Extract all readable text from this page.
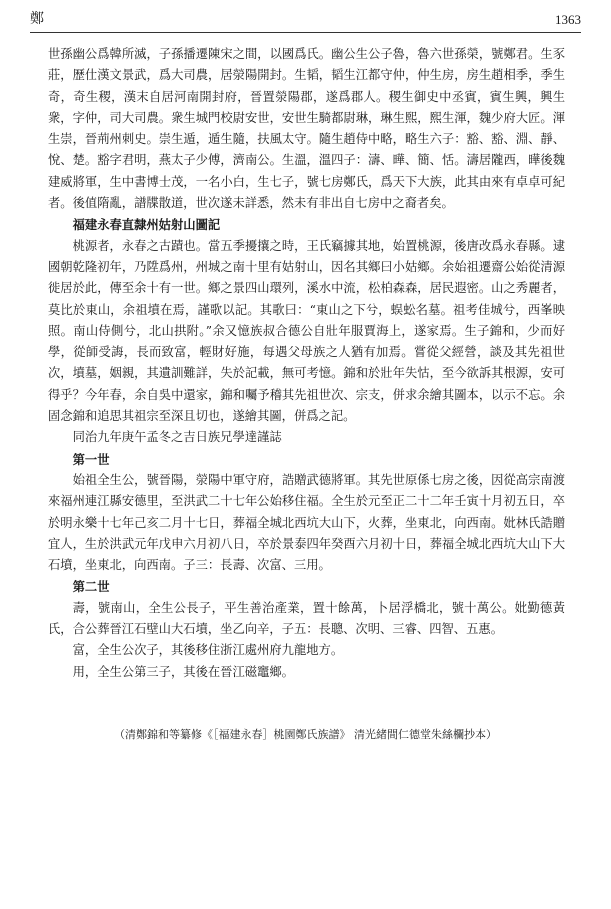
鄭	1363

世孫幽公爲韓所滅，子孫播遷陳宋之間，以國爲氏。幽公生公子魯，魯六世孫榮，號鄭君。生豕莊，歷仕漢文景武，爲大司農，居滎陽開封。生韬，韬生江都守仲，仲生房，房生趙相季，季生奇，奇生稷，漢末自居河南開封府，晉置滎陽郡，遂爲郡人。稷生御史中丞賓，賓生興，興生衆，字仲，司大司農。衆生城門校尉安世，安世生騎都尉琳，琳生熙，熙生渾，魏少府大匠。渾生崇，晉荊州刺史。崇生遁，遁生隨，扶風太守。隨生趙侍中略，略生六子：豁、豁、淵、靜、悅、楚。豁字君明，燕太子少傅，濟南公。生溫，溫四子：濤、曄、簡、恬。濤居隴西，曄後魏建威將軍，生中書博士茂，一名小白，生七子，號七房鄭氏，爲天下大族，此其由來有卓卓可紀者。後值隋亂，譜牒散道，世次遂未詳悉，然未有非出自七房中之裔者矣。

福建永春直隸州姑射山圖記

桃源者，永春之古蹟也。當五季擾攘之時，王氏竊據其地，始置桃源，後唐改爲永春縣。逮國朝乾隆初年，乃陞爲州，州城之南十里有姑射山，因名其鄉曰小姑鄉。余始祖遷齋公始從清源徙居於此，傳至余十有一世。鄉之景四山環列，溪水中流，松柏森森，居民遐密。山之秀麗者，莫比於東山，余祖墳在焉，謹歌以記。其歌曰：“東山之下兮，蜈蚣名墓。祖考佳城兮，西峯映照。南山侍側兮，北山拱附。”余又憶族叔合德公自壯年服賈海上，遂家焉。生子錦和，少而好學，從師受誨，長而致富，輕財好施，每遇父母族之人猶有加焉。嘗從父經營，談及其先祖世次，墳墓，姻親，其遺訓難詳，失於記載，無可考憶。錦和於壯年失怙，至今欲訴其根源，安可得乎？今年春，余自吳中還家，錦和囑予稽其先祖世次、宗支，併求余繪其圖本，以示不忘。余固念錦和追思其祖宗至深且切也，遂繪其圖，併爲之記。

同治九年庚午孟冬之吉日族兄學達謹誌

第一世

始祖全生公，號晉陽，滎陽中軍守府，誥贈武德將軍。其先世原係七房之後，因從高宗南渡來福州連江縣安德里，至洪武二十七年公始移住福。全生於元至正二十二年壬寅十月初五日，卒於明永樂十七年己亥二月十七日，葬福全城北西坑大山下，火葬，坐東北，向西南。妣林氏誥贈宜人，生於洪武元年戊申六月初八日，卒於景泰四年癸酉六月初十日，葬福全城北西坑大山下大石墳，坐東北，向西南。子三：長壽、次富、三用。

第二世

壽，號南山，全生公長子，平生善治產業，置十餘萬，卜居浮橋北，號十萬公。妣勤德黃氏，合公葬晉江石壁山大石墳，坐乙向辛，子五：長聰、次明、三睿、四智、五惠。

富，全生公次子，其後移住浙江處州府九龍地方。

用，全生公第三子，其後在晉江磁竈鄉。

（清鄭錦和等纂修《［福建永春］桃園鄭氏族譜》 清光緒間仁德堂朱絲欄抄本）
